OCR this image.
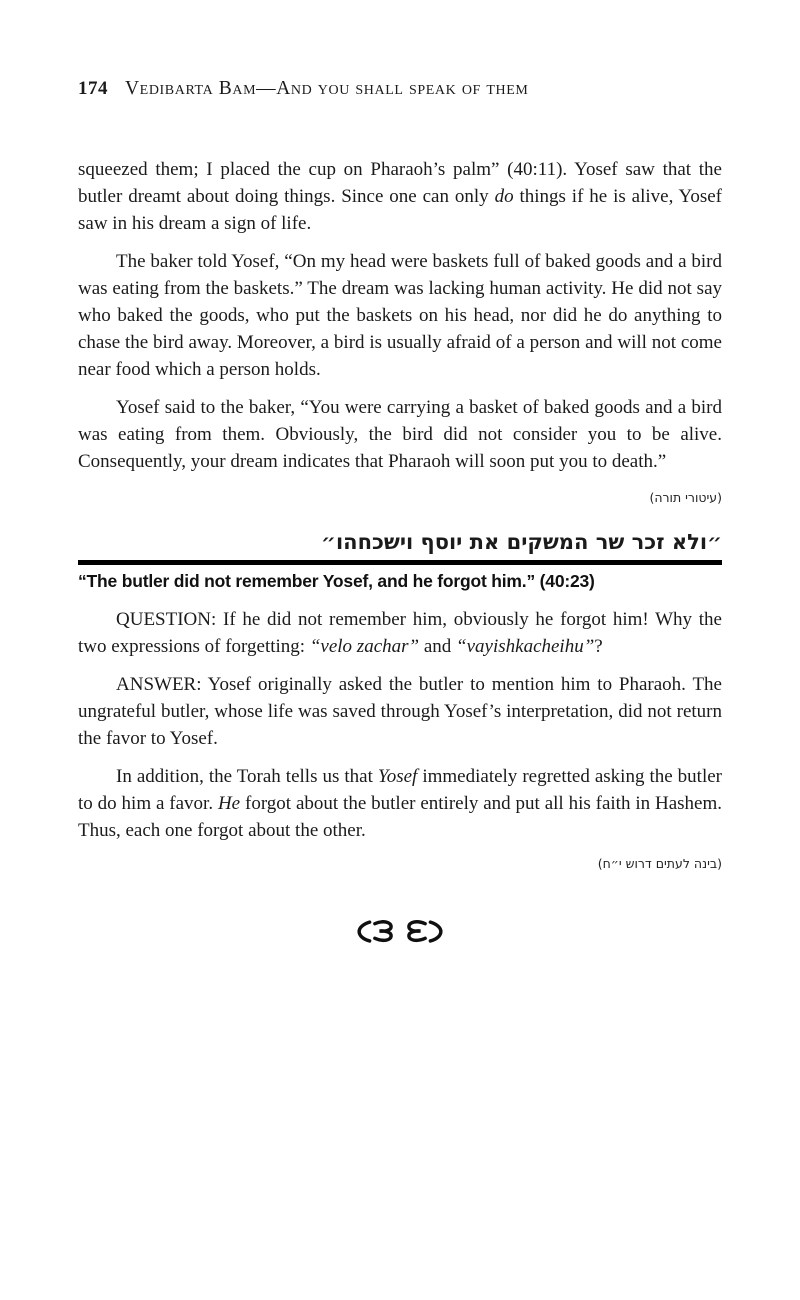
174 Vedibarta Bam—And you shall speak of them

squeezed them; I placed the cup on Pharaoh’s palm” (40:11). Yosef saw that the butler dreamt about doing things. Since one can only do things if he is alive, Yosef saw in his dream a sign of life.

The baker told Yosef, “On my head were baskets full of baked goods and a bird was eating from the baskets.” The dream was lacking human activity. He did not say who baked the goods, who put the baskets on his head, nor did he do anything to chase the bird away. Moreover, a bird is usually afraid of a person and will not come near food which a person holds.

Yosef said to the baker, “You were carrying a basket of baked goods and a bird was eating from them. Obviously, the bird did not consider you to be alive. Consequently, your dream indicates that Pharaoh will soon put you to death.”

(עיטורי תורה)
״ולא זכר שר המשקים את יוסף וישכחהו״
“The butler did not remember Yosef, and he forgot him.” (40:23)

QUESTION: If he did not remember him, obviously he forgot him! Why the two expressions of forgetting: “velo zachar” and “vayishkacheihu”?

ANSWER: Yosef originally asked the butler to mention him to Pharaoh. The ungrateful butler, whose life was saved through Yosef’s interpretation, did not return the favor to Yosef.

In addition, the Torah tells us that Yosef immediately regretted asking the butler to do him a favor. He forgot about the butler entirely and put all his faith in Hashem. Thus, each one forgot about the other.

(בינה לעתים דרוש י״ח)
